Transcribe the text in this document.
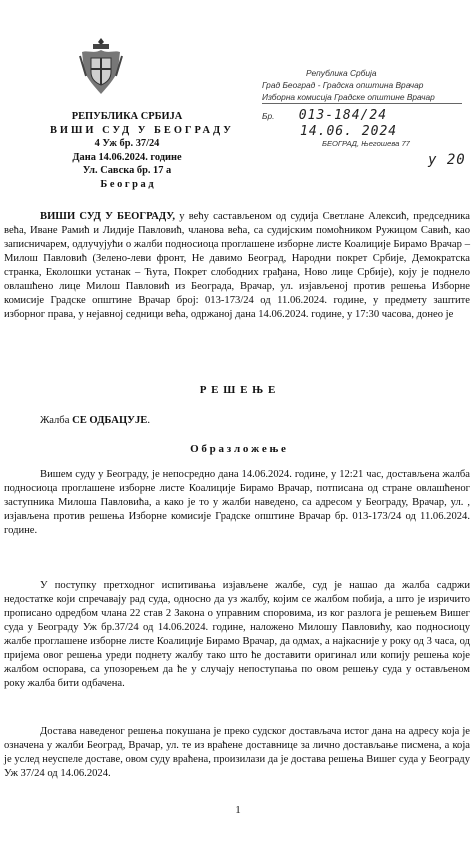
РЕПУБЛИКА СРБИЈА
ВИШИ СУД У БЕОГРАДУ
4 Уж бр. 37/24
Дана 14.06.2024. године
Ул. Савска бр. 17 а
Б е о г р а д
Република Србија
Град Београд - Градска општина Врачар
Изборна комисија Градске општине Врачар
Бр. 013-184/24
14.06. 2024
БЕОГРАД, Његошева 77
у 20
ВИШИ СУД У БЕОГРАДУ, у већу састављеном од судија Светлане Алексић, председника већа, Иване Рамић и Лидије Павловић, чланова већа, са судијским помоћником Ружицом Савић, као записничарем, одлучујући о жалби подносиоца проглашене изборне листе Коалиције Бирамо Врачар – Милош Павловић (Зелено-леви фронт, Не давимо Београд, Народни покрет Србије, Демократска странка, Еколошки устанак – Ћута, Покрет слободних грађана, Ново лице Србије), коју је поднело овлашћено лице Милош Павловић из Београда, Врачар, ул. изјављеној против решења Изборне комисије Градске општине Врачар број: 013-173/24 од 11.06.2024. године, у предмету заштите изборног права, у нејавној седници већа, одржаној дана 14.06.2024. године, у 17:30 часова, донео је
Р Е Ш Е Њ Е
Жалба СЕ ОДБАЦУЈЕ.
О б р а з л о ж е њ е
Вишем суду у Београду, је непосредно дана 14.06.2024. године, у 12:21 час, достављена жалба подносиоца проглашене изборне листе Коалиције Бирамо Врачар, потписана од стране овлашћеног заступника Милоша Павловића, а како је то у жалби наведено, са адресом у Београду, Врачар, ул. , изјављена против решења Изборне комисије Градске општине Врачар бр. 013-173/24 од 11.06.2024. године.
У поступку претходног испитивања изјављене жалбе, суд је нашао да жалба садржи недостатке који спречавају рад суда, односно да уз жалбу, којим се жалбом побија, а што је изричито прописано одредбом члана 22 став 2 Закона о управним споровима, из ког разлога је решењем Вишег суда у Београду Уж бр.37/24 од 14.06.2024. године, наложено Милошу Павловићу, као подносиоцу жалбе проглашене изборне листе Коалиције Бирамо Врачар, да одмах, а најкасније у року од 3 часа, од пријема овог решења уреди поднету жалбу тако што ће доставити оригинал или копију решења које жалбом оспорава, са упозорењем да ће у случају непоступања по овом решењу суда у остављеном року жалба бити одбачена.
Достава наведеног решења покушана је преко судског достављача истог дана на адресу која је означена у жалби Београд, Врачар, ул. те из враћене доставнице за лично достављање писмена, а која је услед неуспеле доставе, овом суду враћена, произилази да је достава решења Вишег суда у Београду Уж 37/24 од 14.06.2024.
1
